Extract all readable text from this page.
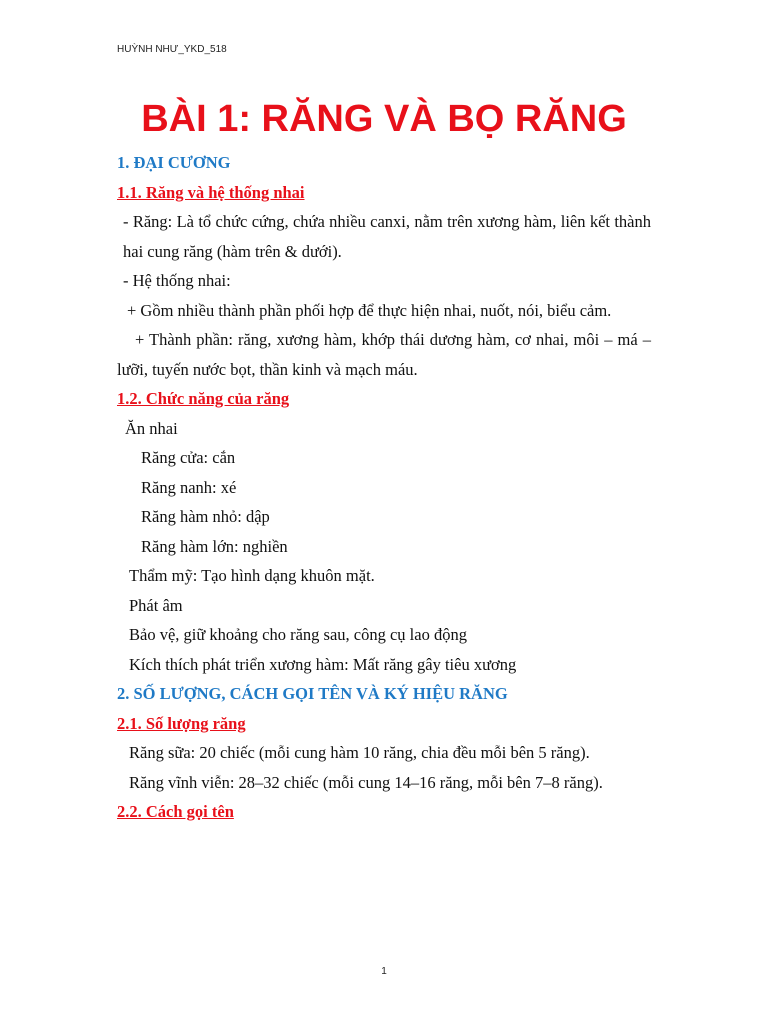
HUỲNH NHƯ_YKD_518
BÀI 1: RĂNG VÀ BỌ RĂNG

1. ĐẠI CƯƠNG

1.1. Răng và hệ thống nhai

- Răng: Là tổ chức cứng, chứa nhiều canxi, nằm trên xương hàm, liên kết thành hai cung răng (hàm trên & dưới).

- Hệ thống nhai:

+ Gồm nhiều thành phần phối hợp để thực hiện nhai, nuốt, nói, biểu cảm.

+ Thành phần: răng, xương hàm, khớp thái dương hàm, cơ nhai, môi – má – lưỡi, tuyến nước bọt, thần kinh và mạch máu.

1.2. Chức năng của răng

Ăn nhai

Răng cửa: cắn

Răng nanh: xé

Răng hàm nhỏ: dập

Răng hàm lớn: nghiền

Thẩm mỹ: Tạo hình dạng khuôn mặt.

Phát âm

Bảo vệ, giữ khoảng cho răng sau, công cụ lao động

Kích thích phát triển xương hàm: Mất răng gây tiêu xương

2. SỐ LƯỢNG, CÁCH GỌI TÊN VÀ KÝ HIỆU RĂNG

2.1. Số lượng răng

Răng sữa: 20 chiếc (mỗi cung hàm 10 răng, chia đều mỗi bên 5 răng).

Răng vĩnh viễn: 28–32 chiếc (mỗi cung 14–16 răng, mỗi bên 7–8 răng).

2.2. Cách gọi tên

1
